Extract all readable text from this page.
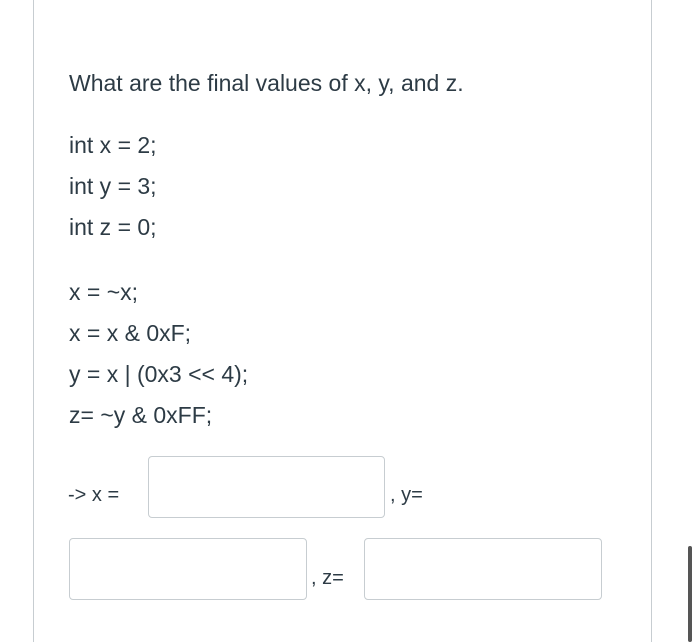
What are the final values of x, y, and z.
int x = 2;
int y = 3;
int z = 0;
x = ~x;
x = x & 0xF;
y = x | (0x3 << 4);
z= ~y & 0xFF;
-> x =	, y=
, z=
